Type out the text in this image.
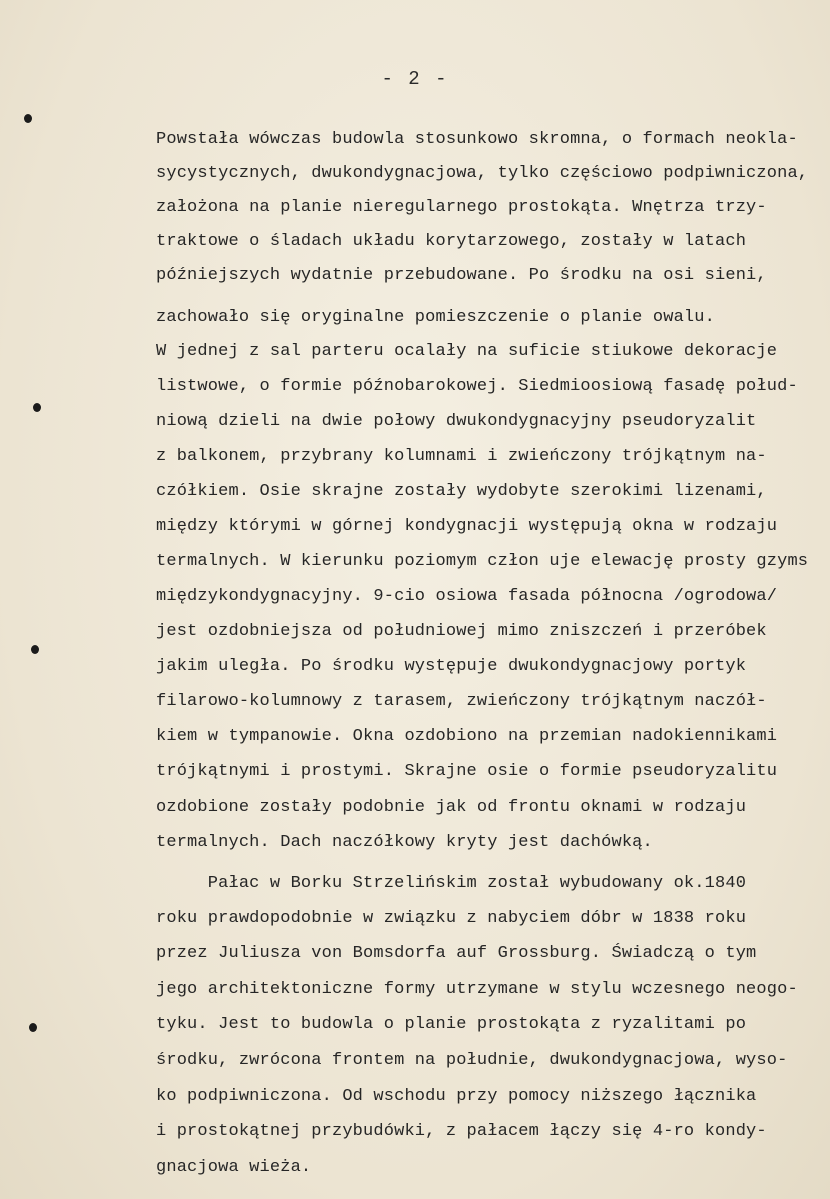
- 2 -
Powstała wówczas budowla stosunkowo skromna, o formach neokla-
sycystycznych, dwukondygnacjowa, tylko częściowo podpiwniczona,
założona na planie nieregularnego prostokąta. Wnętrza trzy-
traktowe o śladach układu korytarzowego, zostały w latach
późniejszych wydatnie przebudowane. Po środku na osi sieni,
zachowało się oryginalne pomieszczenie o planie owalu.
W jednej z sal parteru ocalały na suficie stiukowe dekoracje
listwowe, o formie późnobarokowej. Siedmioosiową fasadę połud-
niową dzieli na dwie połowy dwukondygnacyjny pseudoryzalit
z balkonem, przybrany kolumnami i zwieńczony trójkątnym na-
czółkiem. Osie skrajne zostały wydobyte szerokimi lizenami,
między którymi w górnej kondygnacji występują okna w rodzaju
termalnych. W kierunku poziomym człon uje elewację prosty gzyms
międzykondygnacyjny. 9-cio osiowa fasada północna /ogrodowa/
jest ozdobniejsza od południowej mimo zniszczeń i przeróbek
jakim uległa. Po środku występuje dwukondygnacjowy portyk
filarowo-kolumnowy z tarasem, zwieńczony trójkątnym naczół-
kiem w tympanowie. Okna ozdobiono na przemian nadokiennikami
trójkątnymi i prostymi. Skrajne osie o formie pseudoryzalitu
ozdobione zostały podobnie jak od frontu oknami w rodzaju
termalnych. Dach naczółkowy kryty jest dachówką.
Pałac w Borku Strzelińskim został wybudowany ok.1840
roku prawdopodobnie w związku z nabyciem dóbr w 1838 roku
przez Juliusza von Bomsdorfa auf Grossburg. Świadczą o tym
jego architektoniczne formy utrzymane w stylu wczesnego neogo-
tyku. Jest to budowla o planie prostokąta z ryzalitami po
środku, zwrócona frontem na południe, dwukondygnacjowa, wyso-
ko podpiwniczona. Od wschodu przy pomocy niższego łącznika
i prostokątnej przybudówki, z pałacem łączy się 4-ro kondy-
gnacjowa wieża.
